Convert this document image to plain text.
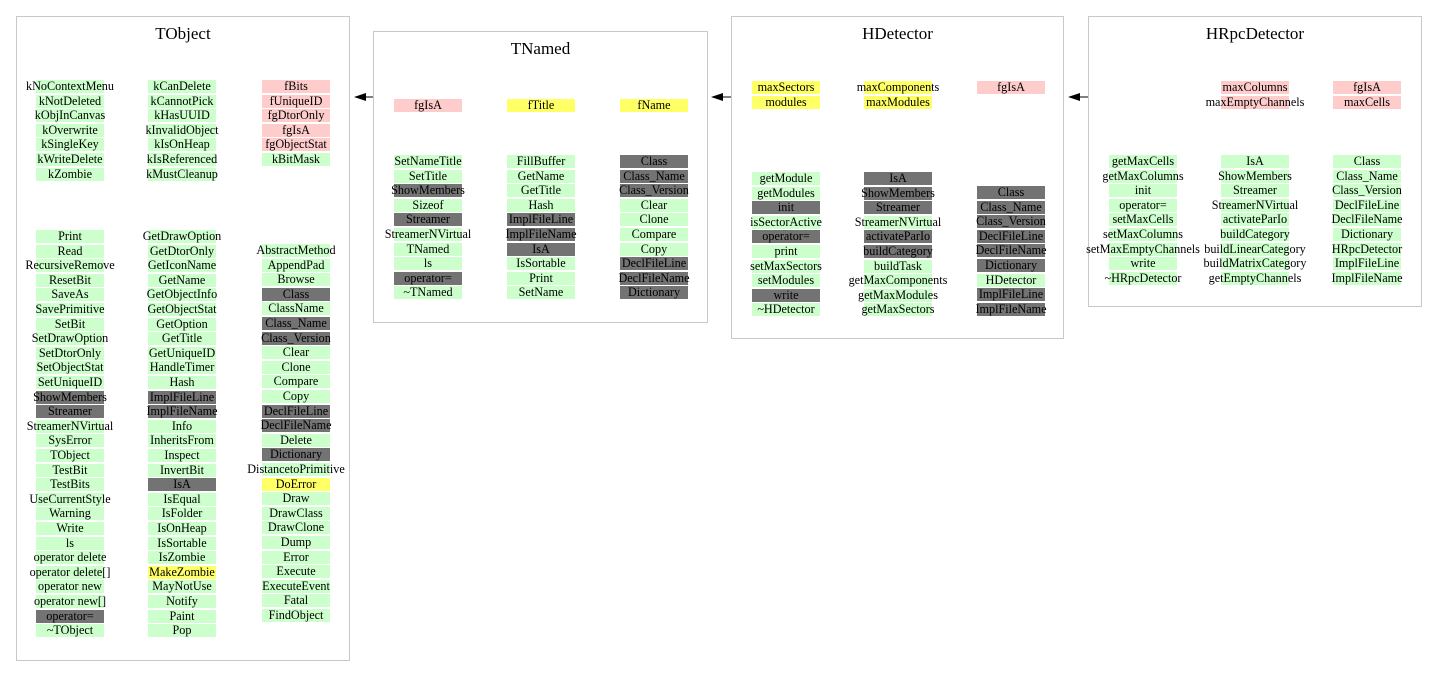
TObject
kNoContextMenu
kNotDeleted
kObjInCanvas
kOverwrite
kSingleKey
kWriteDelete
kZombie
Print
Read
RecursiveRemove
ResetBit
SaveAs
SavePrimitive
SetBit
SetDrawOption
SetDtorOnly
SetObjectStat
SetUniqueID
ShowMembers
Streamer
StreamerNVirtual
SysError
TObject
TestBit
TestBits
UseCurrentStyle
Warning
Write
ls
operator delete
operator delete[]
operator new
operator new[]
operator=
~TObject
kCanDelete
kCannotPick
kHasUUID
kInvalidObject
kIsOnHeap
kIsReferenced
kMustCleanup
GetDrawOption
GetDtorOnly
GetIconName
GetName
GetObjectInfo
GetObjectStat
GetOption
GetTitle
GetUniqueID
HandleTimer
Hash
ImplFileLine
ImplFileName
Info
InheritsFrom
Inspect
InvertBit
IsA
IsEqual
IsFolder
IsOnHeap
IsSortable
IsZombie
MakeZombie
MayNotUse
Notify
Paint
Pop
fBits
fUniqueID
fgDtorOnly
fgIsA
fgObjectStat
kBitMask
AbstractMethod
AppendPad
Browse
Class
ClassName
Class_Name
Class_Version
Clear
Clone
Compare
Copy
DeclFileLine
DeclFileName
Delete
Dictionary
DistancetoPrimitive
DoError
Draw
DrawClass
DrawClone
Dump
Error
Execute
ExecuteEvent
Fatal
FindObject
TNamed
fgIsA
SetNameTitle
SetTitle
ShowMembers
Sizeof
Streamer
StreamerNVirtual
TNamed
ls
operator=
~TNamed
fTitle
FillBuffer
GetName
GetTitle
Hash
ImplFileLine
ImplFileName
IsA
IsSortable
Print
SetName
fName
Class
Class_Name
Class_Version
Clear
Clone
Compare
Copy
DeclFileLine
DeclFileName
Dictionary
HDetector
maxSectors
modules
getModule
getModules
init
isSectorActive
operator=
print
setMaxSectors
setModules
write
~HDetector
maxComponents
maxModules
IsA
ShowMembers
Streamer
StreamerNVirtual
activateParIo
buildCategory
buildTask
getMaxComponents
getMaxModules
getMaxSectors
fgIsA
Class
Class_Name
Class_Version
DeclFileLine
DeclFileName
Dictionary
HDetector
ImplFileLine
ImplFileName
HRpcDetector
getMaxCells
getMaxColumns
init
operator=
setMaxCells
setMaxColumns
setMaxEmptyChannels
write
~HRpcDetector
maxColumns
maxEmptyChannels
IsA
ShowMembers
Streamer
StreamerNVirtual
activateParIo
buildCategory
buildLinearCategory
buildMatrixCategory
getEmptyChannels
fgIsA
maxCells
Class
Class_Name
Class_Version
DeclFileLine
DeclFileName
Dictionary
HRpcDetector
ImplFileLine
ImplFileName
